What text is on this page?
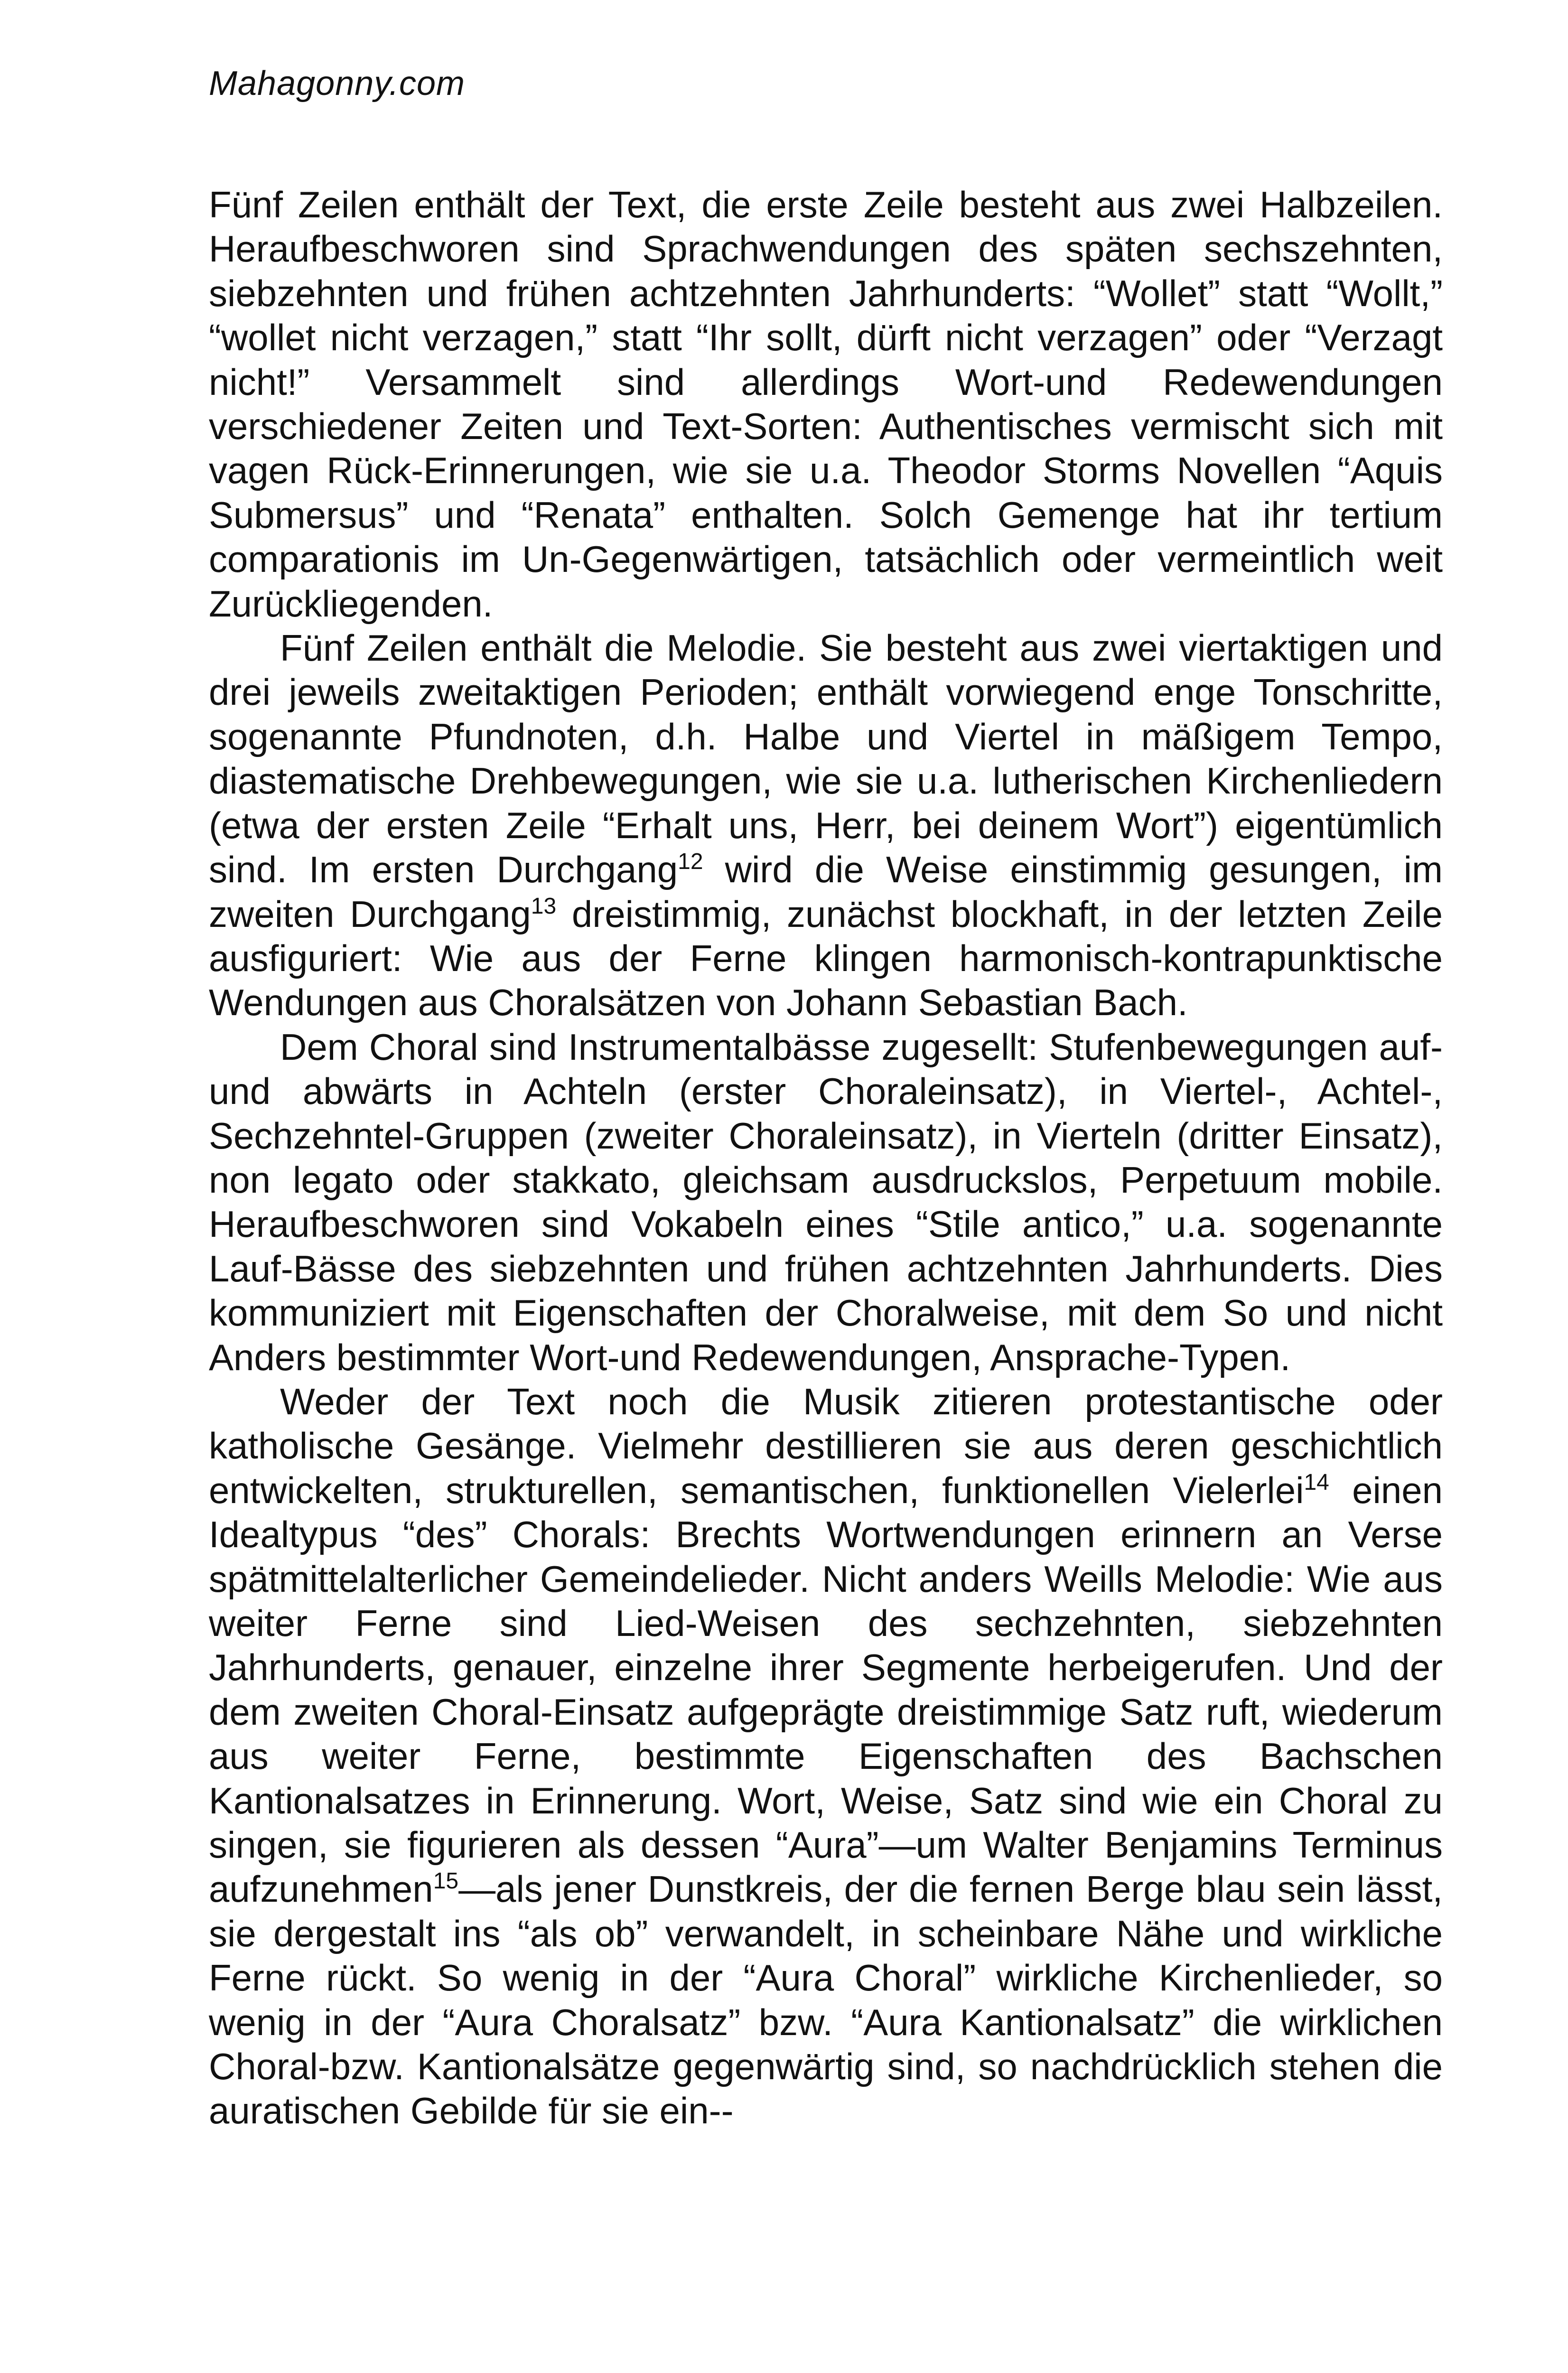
Mahagonny.com

Fünf Zeilen enthält der Text, die erste Zeile besteht aus zwei Halbzeilen. Heraufbeschworen sind Sprachwendungen des späten sechszehnten, siebzehnten und frühen achtzehnten Jahrhunderts: “Wollet” statt “Wollt,” “wollet nicht verzagen,” statt “Ihr sollt, dürft nicht verzagen” oder “Verzagt nicht!” Versammelt sind allerdings Wort-und Redewendungen verschiedener Zeiten und Text-Sorten: Authentisches vermischt sich mit vagen Rück-Erinnerungen, wie sie u.a. Theodor Storms Novellen “Aquis Submersus” und “Renata” enthalten. Solch Gemenge hat ihr tertium comparationis im Un-Gegenwärtigen, tatsächlich oder vermeintlich weit Zurückliegenden.

Fünf Zeilen enthält die Melodie. Sie besteht aus zwei viertaktigen und drei jeweils zweitaktigen Perioden; enthält vorwiegend enge Tonschritte, sogenannte Pfundnoten, d.h. Halbe und Viertel in mäßigem Tempo, diastematische Drehbewegungen, wie sie u.a. lutherischen Kirchenliedern (etwa der ersten Zeile “Erhalt uns, Herr, bei deinem Wort”) eigentümlich sind. Im ersten Durchgang$^{12}$ wird die Weise einstimmig gesungen, im zweiten Durchgang$^{13}$ dreistimmig, zunächst blockhaft, in der letzten Zeile ausfiguriert: Wie aus der Ferne klingen harmonisch-kontrapunktische Wendungen aus Choralsätzen von Johann Sebastian Bach.

Dem Choral sind Instrumentalbässe zugesellt: Stufenbewegungen auf-und abwärts in Achteln (erster Choraleinsatz), in Viertel-, Achtel-, Sechzehntel-Gruppen (zweiter Choraleinsatz), in Vierteln (dritter Einsatz), non legato oder stakkato, gleichsam ausdruckslos, Perpetuum mobile. Heraufbeschworen sind Vokabeln eines “Stile antico,” u.a. sogenannte Lauf-Bässe des siebzehnten und frühen achtzehnten Jahrhunderts. Dies kommuniziert mit Eigenschaften der Choralweise, mit dem So und nicht Anders bestimmter Wort-und Redewendungen, Ansprache-Typen.

Weder der Text noch die Musik zitieren protestantische oder katholische Gesänge. Vielmehr destillieren sie aus deren geschichtlich entwickelten, strukturellen, semantischen, funktionellen Vielerlei$^{14}$ einen Idealtypus “des” Chorals: Brechts Wortwendungen erinnern an Verse spätmittelalterlicher Gemeindelieder. Nicht anders Weills Melodie: Wie aus weiter Ferne sind Lied-Weisen des sechzehnten, siebzehnten Jahrhunderts, genauer, einzelne ihrer Segmente herbeigerufen. Und der dem zweiten Choral-Einsatz aufgeprägte dreistimmige Satz ruft, wiederum aus weiter Ferne, bestimmte Eigenschaften des Bachschen Kantionalsatzes in Erinnerung. Wort, Weise, Satz sind wie ein Choral zu singen, sie figurieren als dessen “Aura”—um Walter Benjamins Terminus aufzunehmen$^{15}$—als jener Dunstkreis, der die fernen Berge blau sein lässt, sie dergestalt ins “als ob” verwandelt, in scheinbare Nähe und wirkliche Ferne rückt. So wenig in der “Aura Choral” wirkliche Kirchenlieder, so wenig in der “Aura Choralsatz” bzw. “Aura Kantionalsatz” die wirklichen Choral-bzw. Kantionalsätze gegenwärtig sind, so nachdrücklich stehen die auratischen Gebilde für sie ein--
